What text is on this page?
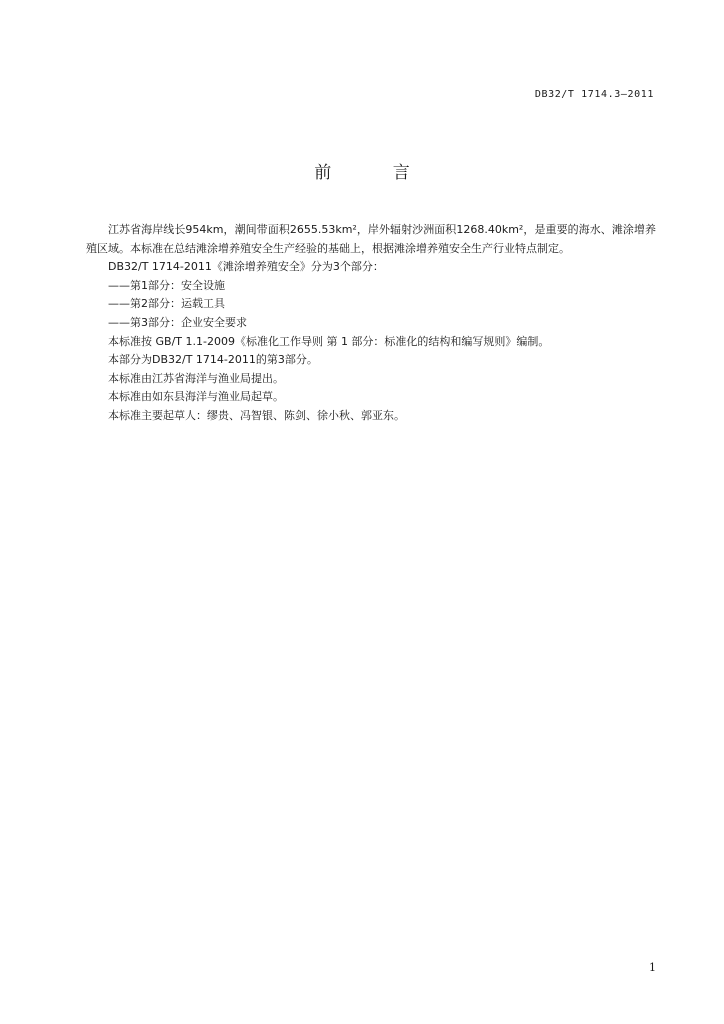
DB32/T 1714.3—2011
前 言

江苏省海岸线长954km，潮间带面积2655.53km²，岸外辐射沙洲面积1268.40km²，是重要的海水、滩涂增养殖区域。本标准在总结滩涂增养殖安全生产经验的基础上，根据滩涂增养殖安全生产行业特点制定。

DB32/T 1714-2011《滩涂增养殖安全》分为3个部分：

——第1部分：安全设施

——第2部分：运载工具

——第3部分：企业安全要求

本标准按 GB/T 1.1-2009《标准化工作导则 第 1 部分：标准化的结构和编写规则》编制。

本部分为DB32/T 1714-2011的第3部分。

本标准由江苏省海洋与渔业局提出。

本标准由如东县海洋与渔业局起草。

本标准主要起草人：缪贵、冯智银、陈剑、徐小秋、郭亚东。

1
